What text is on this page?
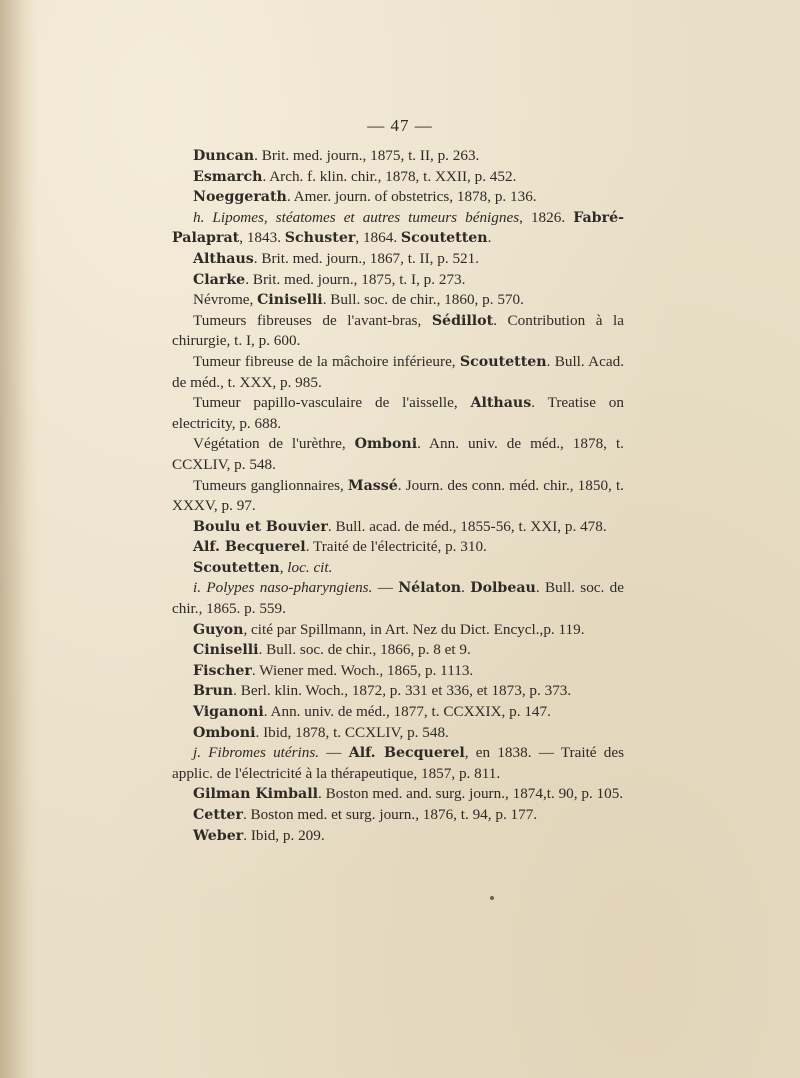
— 47 —

Duncan. Brit. med. journ., 1875, t. II, p. 263.

Esmarch. Arch. f. klin. chir., 1878, t. XXII, p. 452.

Noeggerath. Amer. journ. of obstetrics, 1878, p. 136.

h. Lipomes, stéatomes et autres tumeurs bénignes, 1826. Fabré-Palaprat, 1843. Schuster, 1864. Scoutetten.

Althaus. Brit. med. journ., 1867, t. II, p. 521.

Clarke. Brit. med. journ., 1875, t. I, p. 273.

Névrome, Ciniselli. Bull. soc. de chir., 1860, p. 570.

Tumeurs fibreuses de l'avant-bras, Sédillot. Contribution à la chirurgie, t. I, p. 600.

Tumeur fibreuse de la mâchoire inférieure, Scoutetten. Bull. Acad. de méd., t. XXX, p. 985.

Tumeur papillo-vasculaire de l'aisselle, Althaus. Treatise on electricity, p. 688.

Végétation de l'urèthre, Omboni. Ann. univ. de méd., 1878, t. CCXLIV, p. 548.

Tumeurs ganglionnaires, Massé. Journ. des conn. méd. chir., 1850, t. XXXV, p. 97.

Boulu et Bouvier. Bull. acad. de méd., 1855-56, t. XXI, p. 478.

Alf. Becquerel. Traité de l'électricité, p. 310.

Scoutetten, loc. cit.

i. Polypes naso-pharyngiens. — Nélaton. Dolbeau. Bull. soc. de chir., 1865. p. 559.

Guyon, cité par Spillmann, in Art. Nez du Dict. Encycl.,p. 119.

Ciniselli. Bull. soc. de chir., 1866, p. 8 et 9.

Fischer. Wiener med. Woch., 1865, p. 1113.

Brun. Berl. klin. Woch., 1872, p. 331 et 336, et 1873, p. 373.

Viganoni. Ann. univ. de méd., 1877, t. CCXXIX, p. 147.

Omboni. Ibid, 1878, t. CCXLIV, p. 548.

j. Fibromes utérins. — Alf. Becquerel, en 1838. — Traité des applic. de l'électricité à la thérapeutique, 1857, p. 811.

Gilman Kimball. Boston med. and. surg. journ., 1874,t. 90, p. 105.

Cetter. Boston med. et surg. journ., 1876, t. 94, p. 177.

Weber. Ibid, p. 209.
